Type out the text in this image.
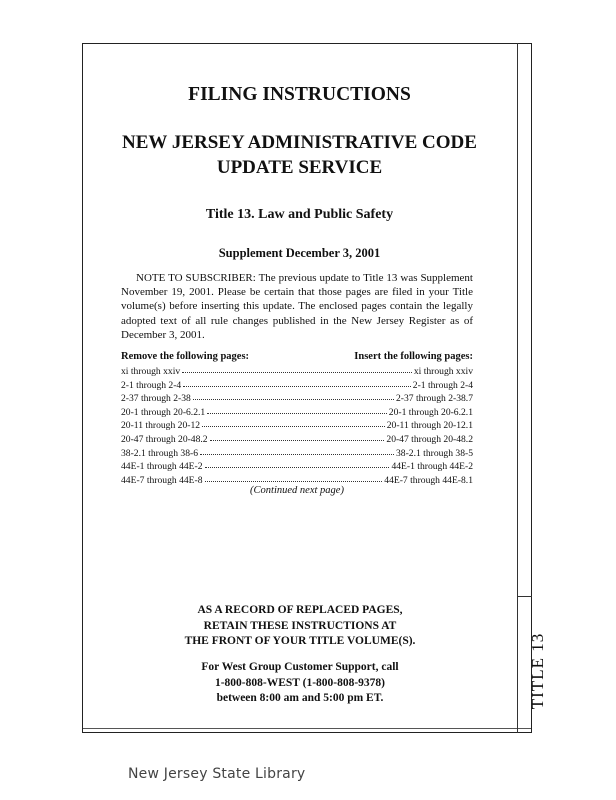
TITLE 13
FILING INSTRUCTIONS
NEW JERSEY ADMINISTRATIVE CODE
UPDATE SERVICE
Title 13. Law and Public Safety
Supplement December 3, 2001
NOTE TO SUBSCRIBER: The previous update to Title 13 was Supplement November 19, 2001. Please be certain that those pages are filed in your Title volume(s) before inserting this update. The enclosed pages contain the legally adopted text of all rule changes published in the New Jersey Register as of December 3, 2001.
Remove the following pages:	Insert the following pages:
xi through xxiv	xi through xxiv
2-1 through 2-4	2-1 through 2-4
2-37 through 2-38	2-37 through 2-38.7
20-1 through 20-6.2.1	20-1 through 20-6.2.1
20-11 through 20-12	20-11 through 20-12.1
20-47 through 20-48.2	20-47 through 20-48.2
38-2.1 through 38-6	38-2.1 through 38-5
44E-1 through 44E-2	44E-1 through 44E-2
44E-7 through 44E-8	44E-7 through 44E-8.1
(Continued next page)
AS A RECORD OF REPLACED PAGES,
RETAIN THESE INSTRUCTIONS AT
THE FRONT OF YOUR TITLE VOLUME(S).
For West Group Customer Support, call
1-800-808-WEST (1-800-808-9378)
between 8:00 am and 5:00 pm ET.
New Jersey State Library
